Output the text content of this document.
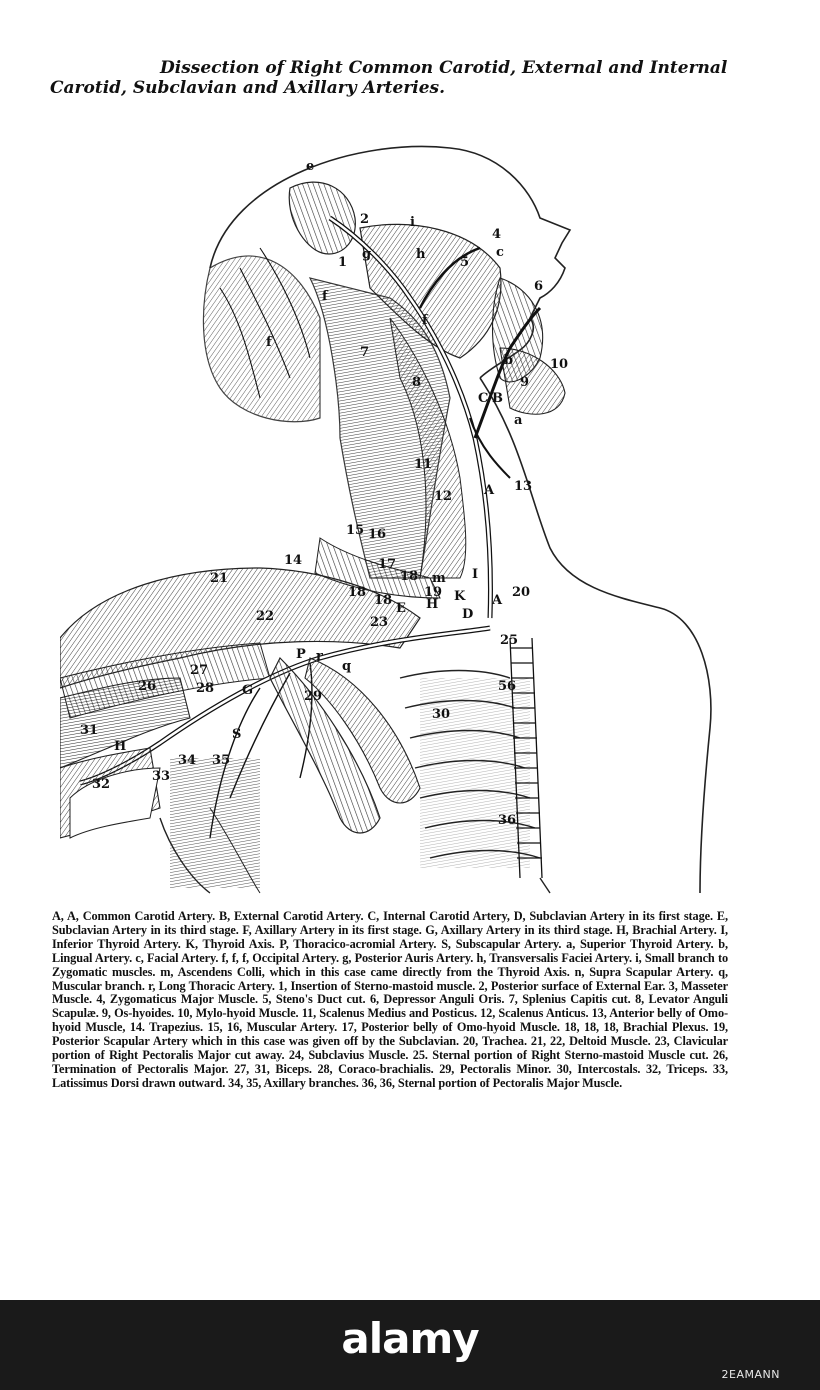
Dissection of Right Common Carotid, External and Internal
Carotid, Subclavian and Axillary Arteries.
e
2
1
g	h
i
4
5
c
6
f
f
f
7
8
b	10
9
C B
a
11
12 A 13
15 16
14
21
17
18 m I
18
18
19
E H
K
D
A
20
22	23
25
P r
q
27
26	28 G	29
56
30
31
H
32
33
34 35
S
36
A, A, Common Carotid Artery. B, External Carotid Artery. C, Internal Carotid Artery, D, Subclavian Artery in its first stage. E, Subclavian Artery in its third stage. F, Axillary Artery in its first stage. G, Axillary Artery in its third stage. H, Brachial Artery. I, Inferior Thyroid Artery. K, Thyroid Axis. P, Thoracico-acromial Artery. S, Subscapular Artery. a, Superior Thyroid Artery. b, Lingual Artery. c, Facial Artery. f, f, f, Occipital Artery. g, Posterior Auris Artery. h, Transversalis Faciei Artery. i, Small branch to Zygomatic muscles. m, Ascendens Colli, which in this case came directly from the Thyroid Axis. n, Supra Scapular Artery. q, Muscular branch. r, Long Thoracic Artery. 1, Insertion of Sterno-mastoid muscle. 2, Posterior surface of External Ear. 3, Masseter Muscle. 4, Zygomaticus Major Muscle. 5, Steno's Duct cut. 6, Depressor Anguli Oris. 7, Splenius Capitis cut. 8, Levator Anguli Scapulæ. 9, Os-hyoides. 10, Mylo-hyoid Muscle. 11, Scalenus Medius and Posticus. 12, Scalenus Anticus. 13, Anterior belly of Omo-hyoid Muscle, 14. Trapezius. 15, 16, Muscular Artery. 17, Posterior belly of Omo-hyoid Muscle. 18, 18, 18, Brachial Plexus. 19, Posterior Scapular Artery which in this case was given off by the Subclavian. 20, Trachea. 21, 22, Deltoid Muscle. 23, Clavicular portion of Right Pectoralis Major cut away. 24, Subclavius Muscle. 25. Sternal portion of Right Sterno-mastoid Muscle cut. 26, Termination of Pectoralis Major. 27, 31, Biceps. 28, Coraco-brachialis. 29, Pectoralis Minor. 30, Intercostals. 32, Triceps. 33, Latissimus Dorsi drawn outward. 34, 35, Axillary branches. 36, 36, Sternal portion of Pectoralis Major Muscle.
alamy
2EAMANN
